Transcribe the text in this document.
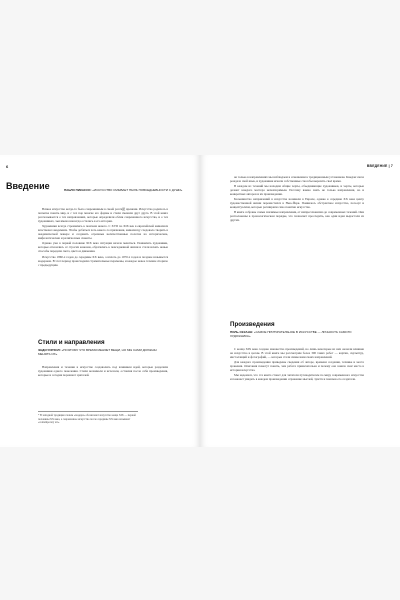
6
Введение	ПАБЛО ПИКАССО: «ИСКУССТВО СМЫВАЕТ ПЫЛЬ ПОВСЕДНЕВНОСТИ С ДУШИ»

Всякое искусство когда-то было современным в своей рассв振 времени. Искусство родилось в попытке понять мир, и с тех пор многие его формы и стили сменяли друг друга. В этой книге рассказывается о тех направлениях, которые определили облик современного искусства, и о тех художниках, чьи имена навсегда остались в его истории.

Художники всегда стремились к поискам нового. С XVII по XIX век в европейской живописи властвовал академизм. Чтобы добиться хоть какого-то признания, живописцу следовало творить в академической манере и создавать огромные величественные полотна на исторические, мифологические и религиозные сюжеты.

Однако уже в первой половине XIX века ситуация начала меняться. Появились художники, которые отказались от строгих канонов, обратились к повседневной жизни и стали искать новые способы передачи света, цвета и движения.

Искусство 1860-х годов до середины XX века, а вплоть до 1970-х годов и позднее называется модерном. В этот период происходили стремительные перемены, и каждое новое течение спорило с предыдущим.

Стили и направления
ЭНДИ УОРХОЛ: «ПОЭТОМУ ЧТО ВРЕМЯ МЕНЯЕТ ВЕЩИ, НО МЫ САМИ ДОЛЖНЫ МЕНЯТЬ ИХ»

Направления и течения в искусстве создавались под влиянием идей, которые разделяли художники одного поколения. Стили возникали и исчезали, оставляя после себя произведения, которые и сегодня поражают зрителей.

* В западной традиции словом «модерн» обозначают искусство конца XIX — первой половины XX века, а современное искусство после середины XX века называют «contemporary art».
ВВЕДЕНИЕ | 7

не только в направлениях мы наблюдаем в отношении к традиционным установкам. Каждая эпоха рождала свой язык, и художники искали собственные способы выразить своё время.

В каждом из течений мы находим общие черты, объединяющие художников, и черты, которые делают каждого мастера неповторимым. Поэтому важно знать не только направления, но и конкретных авторов и их произведения.

Большинство направлений в искусстве возникли в Европе, однако к середине XX века центр художественной жизни переместился в Нью-Йорк. Появилось абстрактное искусство, поп-арт и концептуализм, которые расширили само понятие искусства.

В книге собраны самые значимые направления, от импрессионизма до современных течений. Они расположены в хронологическом порядке, что позволяет проследить, как одни идеи вырастали из других.

Произведения
ПОЛЬ СЕЗАНН: «САМОЕ ПРИТЯГАТЕЛЬНОЕ В ИСКУССТВЕ — ЛИЧНОСТЬ САМОГО ХУДОЖНИКА»

С конца XIX века создано множество произведений, но лишь некоторые из них оказали влияние на искусство в целом. В этой книге мы рассмотрим более 300 таких работ — картин, скульптур, инсталляций и фотографий, — которые стали символами своих направлений.

Для каждого произведения приведены сведения об авторе, времени создания, технике и месте хранения. Описания помогут понять, чем работа примечательна и почему она заняла своё место в истории искусства.

Мы надеемся, что эта книга станет для читателя путеводителем по миру современного искусства и поможет увидеть в каждом произведении отражение мыслей, чувств и поисков его создателя.
